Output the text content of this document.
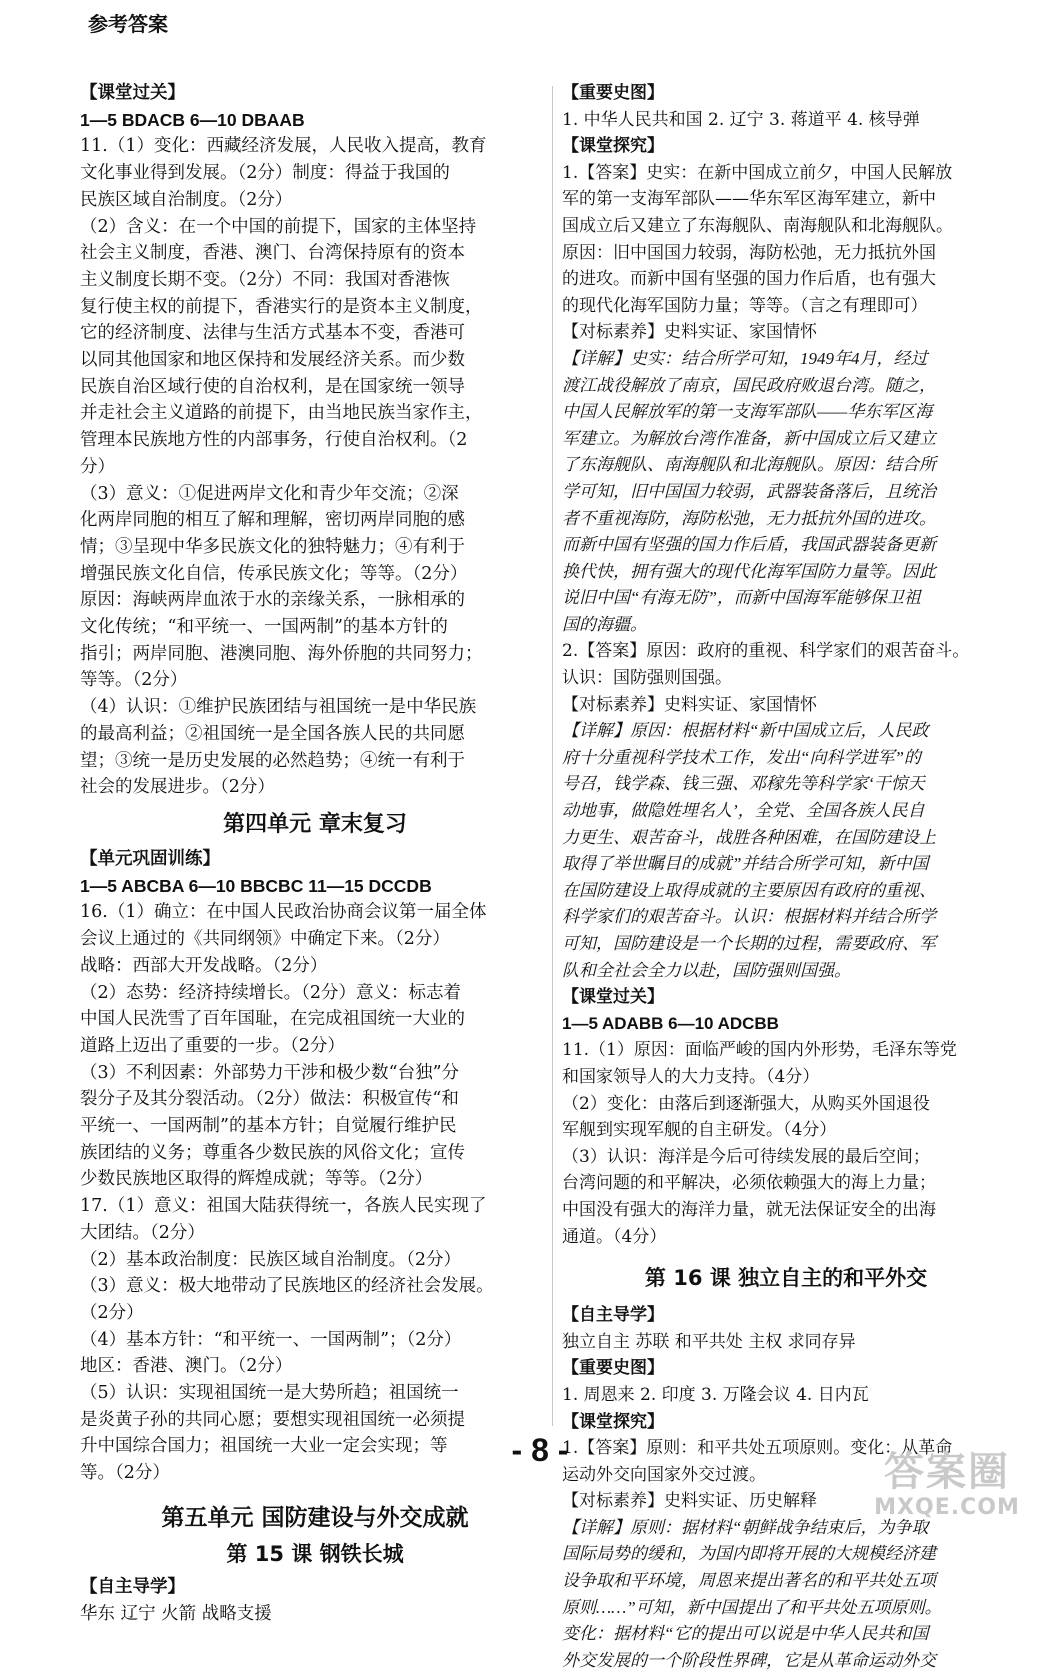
参考答案
【课堂过关】
1—5 BDACB 6—10 DBAAB
11.（1）变化：西藏经济发展，人民收入提高，教育
文化事业得到发展。（2分）制度：得益于我国的
民族区域自治制度。（2分）
（2）含义：在一个中国的前提下，国家的主体坚持
社会主义制度，香港、澳门、台湾保持原有的资本
主义制度长期不变。（2分）不同：我国对香港恢
复行使主权的前提下，香港实行的是资本主义制度，
它的经济制度、法律与生活方式基本不变，香港可
以同其他国家和地区保持和发展经济关系。而少数
民族自治区域行使的自治权利，是在国家统一领导
并走社会主义道路的前提下，由当地民族当家作主，
管理本民族地方性的内部事务，行使自治权利。（2
分）
（3）意义：①促进两岸文化和青少年交流；②深
化两岸同胞的相互了解和理解，密切两岸同胞的感
情；③呈现中华多民族文化的独特魅力；④有利于
增强民族文化自信，传承民族文化；等等。（2分）
原因：海峡两岸血浓于水的亲缘关系，一脉相承的
文化传统；“和平统一、一国两制”的基本方针的
指引；两岸同胞、港澳同胞、海外侨胞的共同努力；
等等。（2分）
（4）认识：①维护民族团结与祖国统一是中华民族
的最高利益；②祖国统一是全国各族人民的共同愿
望；③统一是历史发展的必然趋势；④统一有利于
社会的发展进步。（2分）
第四单元 章末复习
【单元巩固训练】
1—5 ABCBA 6—10 BBCBC 11—15 DCCDB
16.（1）确立：在中国人民政治协商会议第一届全体
会议上通过的《共同纲领》中确定下来。（2分）
战略：西部大开发战略。（2分）
（2）态势：经济持续增长。（2分）意义：标志着
中国人民洗雪了百年国耻，在完成祖国统一大业的
道路上迈出了重要的一步。（2分）
（3）不利因素：外部势力干涉和极少数“台独”分
裂分子及其分裂活动。（2分）做法：积极宣传“和
平统一、一国两制”的基本方针；自觉履行维护民
族团结的义务；尊重各少数民族的风俗文化；宣传
少数民族地区取得的辉煌成就；等等。（2分）
17.（1）意义：祖国大陆获得统一，各族人民实现了
大团结。（2分）
（2）基本政治制度：民族区域自治制度。（2分）
（3）意义：极大地带动了民族地区的经济社会发展。
（2分）
（4）基本方针：“和平统一、一国两制”；（2分）
地区：香港、澳门。（2分）
（5）认识：实现祖国统一是大势所趋；祖国统一
是炎黄子孙的共同心愿；要想实现祖国统一必须提
升中国综合国力；祖国统一大业一定会实现；等
等。（2分）
第五单元 国防建设与外交成就
第 15 课 钢铁长城
【自主导学】
华东 辽宁 火箭 战略支援
【重要史图】
1. 中华人民共和国 2. 辽宁 3. 蒋道平 4. 核导弹
【课堂探究】
1.【答案】史实：在新中国成立前夕，中国人民解放
军的第一支海军部队——华东军区海军建立，新中
国成立后又建立了东海舰队、南海舰队和北海舰队。
原因：旧中国国力较弱，海防松弛，无力抵抗外国
的进攻。而新中国有坚强的国力作后盾，也有强大
的现代化海军国防力量；等等。（言之有理即可）
【对标素养】史料实证、家国情怀
【详解】史实：结合所学可知，1949年4月，经过
渡江战役解放了南京，国民政府败退台湾。随之，
中国人民解放军的第一支海军部队——华东军区海
军建立。为解放台湾作准备，新中国成立后又建立
了东海舰队、南海舰队和北海舰队。原因：结合所
学可知，旧中国国力较弱，武器装备落后，且统治
者不重视海防，海防松弛，无力抵抗外国的进攻。
而新中国有坚强的国力作后盾，我国武器装备更新
换代快，拥有强大的现代化海军国防力量等。因此
说旧中国“有海无防”，而新中国海军能够保卫祖
国的海疆。
2.【答案】原因：政府的重视、科学家们的艰苦奋斗。
认识：国防强则国强。
【对标素养】史料实证、家国情怀
【详解】原因：根据材料“新中国成立后，人民政
府十分重视科学技术工作，发出“向科学进军”的
号召，钱学森、钱三强、邓稼先等科学家‘干惊天
动地事，做隐姓埋名人’，全党、全国各族人民自
力更生、艰苦奋斗，战胜各种困难，在国防建设上
取得了举世瞩目的成就”并结合所学可知，新中国
在国防建设上取得成就的主要原因有政府的重视、
科学家们的艰苦奋斗。认识：根据材料并结合所学
可知，国防建设是一个长期的过程，需要政府、军
队和全社会全力以赴，国防强则国强。
【课堂过关】
1—5 ADABB 6—10 ADCBB
11.（1）原因：面临严峻的国内外形势，毛泽东等党
和国家领导人的大力支持。（4分）
（2）变化：由落后到逐渐强大，从购买外国退役
军舰到实现军舰的自主研发。（4分）
（3）认识：海洋是今后可待续发展的最后空间；
台湾问题的和平解决，必须依赖强大的海上力量；
中国没有强大的海洋力量，就无法保证安全的出海
通道。（4分）
第 16 课 独立自主的和平外交
【自主导学】
独立自主 苏联 和平共处 主权 求同存异
【重要史图】
1. 周恩来 2. 印度 3. 万隆会议 4. 日内瓦
【课堂探究】
1.【答案】原则：和平共处五项原则。变化：从革命
运动外交向国家外交过渡。
【对标素养】史料实证、历史解释
【详解】原则：据材料“朝鲜战争结束后，为争取
国际局势的缓和，为国内即将开展的大规模经济建
设争取和平环境，周恩来提出著名的和平共处五项
原则……”可知，新中国提出了和平共处五项原则。
变化：据材料“它的提出可以说是中华人民共和国
外交发展的一个阶段性界碑，它是从革命运动外交
- 8 -	答案圈
MXQE.COM
